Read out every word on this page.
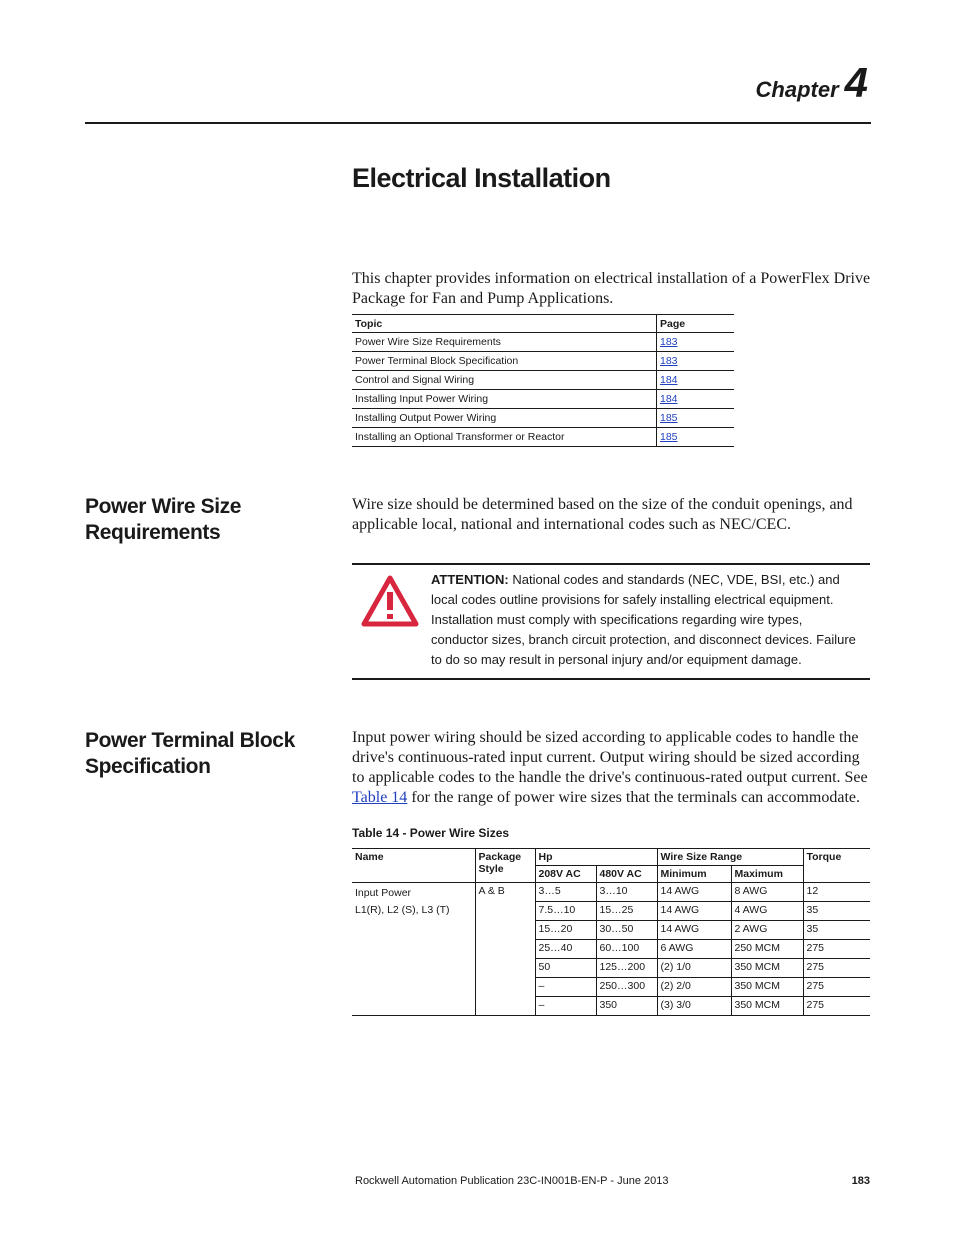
Chapter 4
Electrical Installation

This chapter provides information on electrical installation of a PowerFlex Drive Package for Fan and Pump Applications.

Topic	Page
Power Wire Size Requirements	183
Power Terminal Block Specification	183
Control and Signal Wiring	184
Installing Input Power Wiring	184
Installing Output Power Wiring	185
Installing an Optional Transformer or Reactor	185
Power Wire Size Requirements

Wire size should be determined based on the size of the conduit openings, and applicable local, national and international codes such as NEC/CEC.

ATTENTION: National codes and standards (NEC, VDE, BSI, etc.) and local codes outline provisions for safely installing electrical equipment. Installation must comply with specifications regarding wire types, conductor sizes, branch circuit protection, and disconnect devices. Failure to do so may result in personal injury and/or equipment damage.
Power Terminal Block Specification

Input power wiring should be sized according to applicable codes to handle the drive's continuous-rated input current. Output wiring should be sized according to applicable codes to the handle the drive's continuous-rated output current. See Table 14 for the range of power wire sizes that the terminals can accommodate.

Table 14 - Power Wire Sizes

Name	Package Style	Hp		Wire Size Range		Torque
		208V AC	480V AC	Minimum	Maximum	
Input Power
L1(R), L2 (S), L3 (T)	A & B	3…5	3…10	14 AWG	8 AWG	12
		7.5…10	15…25	14 AWG	4 AWG	35
		15…20	30…50	14 AWG	2 AWG	35
		25…40	60…100	6 AWG	250 MCM	275
		50	125…200	(2) 1/0	350 MCM	275
		–	250…300	(2) 2/0	350 MCM	275
		–	350	(3) 3/0	350 MCM	275
Rockwell Automation Publication 23C-IN001B-EN-P - June 2013	183
